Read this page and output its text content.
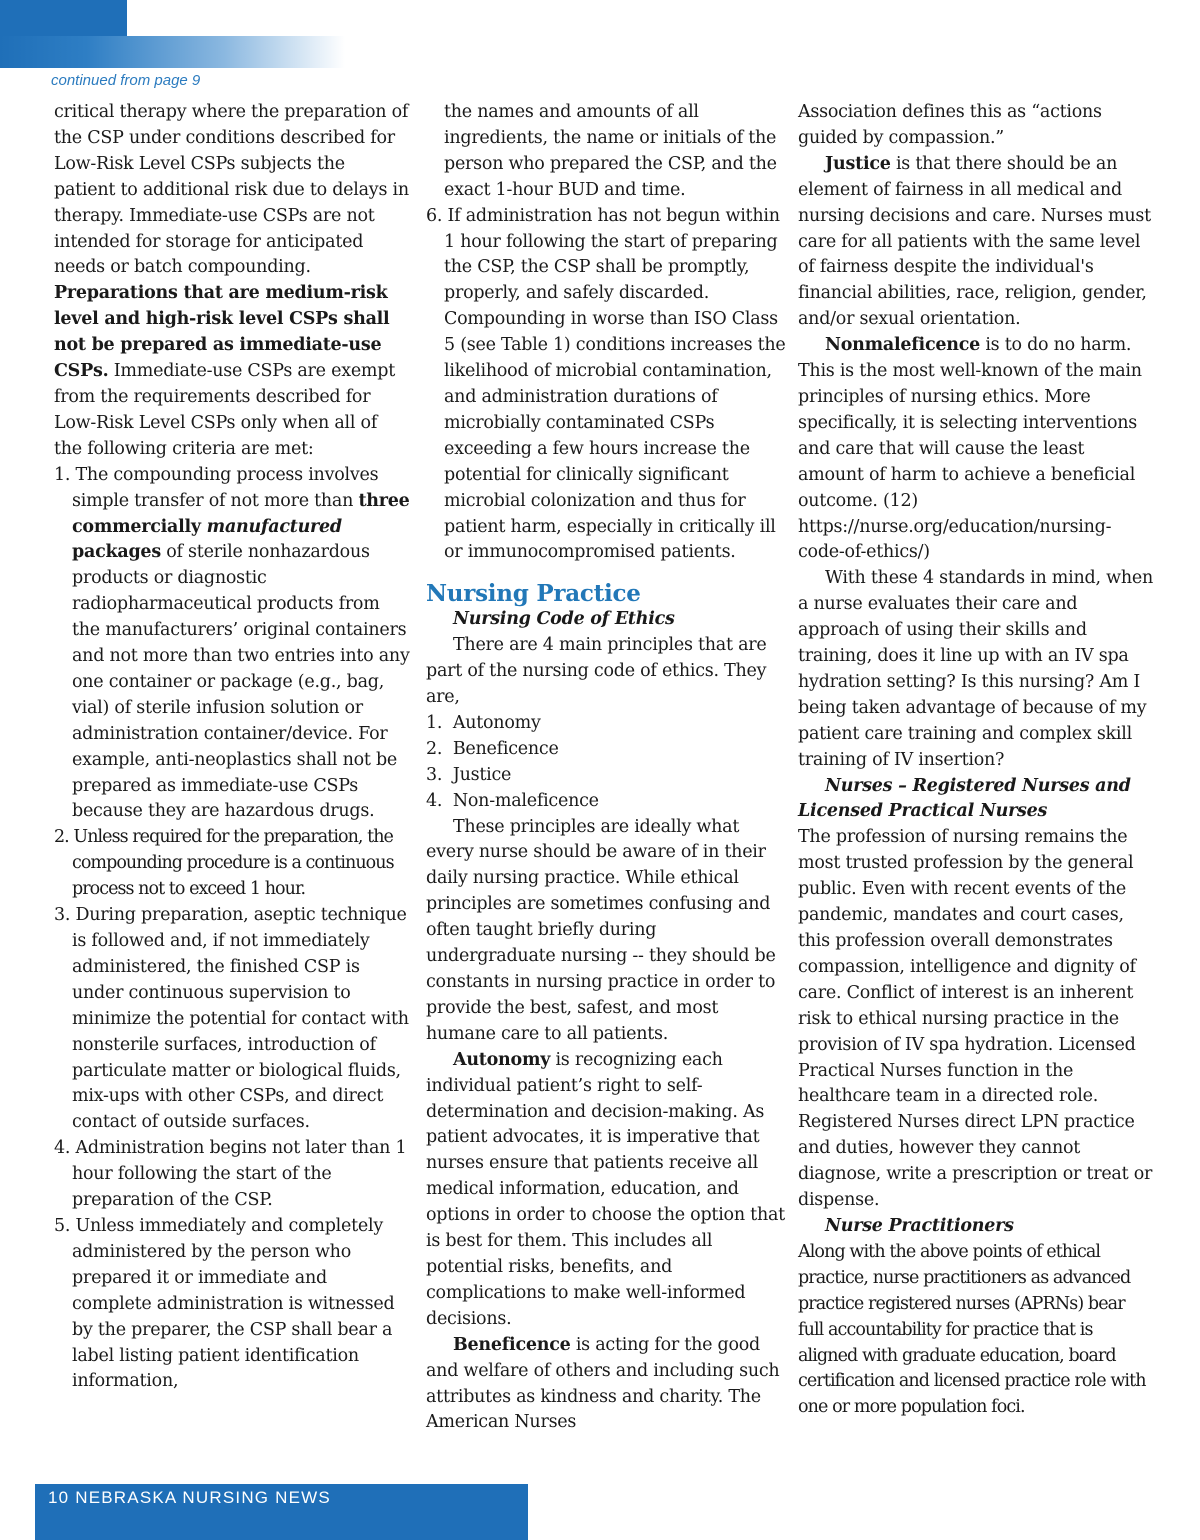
continued from page 9

critical therapy where the preparation of the CSP under conditions described for Low-Risk Level CSPs subjects the patient to additional risk due to delays in therapy. Immediate-use CSPs are not intended for storage for anticipated needs or batch compounding. Preparations that are medium-risk level and high-risk level CSPs shall not be prepared as immediate-use CSPs. Immediate-use CSPs are exempt from the requirements described for Low-Risk Level CSPs only when all of the following criteria are met:

1. The compounding process involves simple transfer of not more than three commercially manufactured
packages of sterile nonhazardous products or diagnostic radiopharmaceutical products from the manufacturers’ original containers and not more than two entries into any one container or package (e.g., bag, vial) of sterile infusion solution or administration container/device. For example, anti-neoplastics shall not be prepared as immediate-use CSPs because they are hazardous drugs.

2. Unless required for the preparation, the compounding procedure is a continuous process not to exceed 1 hour.

3. During preparation, aseptic technique is followed and, if not immediately administered, the finished CSP is under continuous supervision to minimize the potential for contact with nonsterile surfaces, introduction of particulate matter or biological fluids, mix-ups with other CSPs, and direct contact of outside surfaces.

4. Administration begins not later than 1 hour following the start of the preparation of the CSP.

5. Unless immediately and completely administered by the person who prepared it or immediate and complete administration is witnessed by the preparer, the CSP shall bear a label listing patient identification information,

the names and amounts of all ingredients, the name or initials of the person who prepared the CSP, and the exact 1-hour BUD and time.

6. If administration has not begun within 1 hour following the start of preparing the CSP, the CSP shall be promptly, properly, and safely discarded. Compounding in worse than ISO Class 5 (see Table 1) conditions increases the likelihood of microbial contamination, and administration durations of microbially contaminated CSPs exceeding a few hours increase the potential for clinically significant microbial colonization and thus for patient harm, especially in critically ill or immunocompromised patients.

Nursing Practice

Nursing Code of Ethics

There are 4 main principles that are part of the nursing code of ethics. They are,

1.  Autonomy
2.  Beneficence
3.  Justice
4.  Non-maleficence

These principles are ideally what every nurse should be aware of in their daily nursing practice. While ethical principles are sometimes confusing and often taught briefly during undergraduate nursing -- they should be constants in nursing practice in order to provide the best, safest, and most humane care to all patients.

Autonomy is recognizing each individual patient’s right to self-determination and decision-making. As patient advocates, it is imperative that nurses ensure that patients receive all medical information, education, and options in order to choose the option that is best for them. This includes all potential risks, benefits, and complications to make well-informed decisions.

Beneficence is acting for the good and welfare of others and including such attributes as kindness and charity. The American Nurses

Association defines this as “actions guided by compassion.”

Justice is that there should be an element of fairness in all medical and nursing decisions and care. Nurses must care for all patients with the same level of fairness despite the individual's financial abilities, race, religion, gender, and/or sexual orientation.

Nonmaleficence is to do no harm. This is the most well-known of the main principles of nursing ethics. More specifically, it is selecting interventions and care that will cause the least amount of harm to achieve a beneficial outcome. (12) https://nurse.org/education/nursing-code-of-ethics/)

With these 4 standards in mind, when a nurse evaluates their care and approach of using their skills and training, does it line up with an IV spa hydration setting? Is this nursing? Am I being taken advantage of because of my patient care training and complex skill training of IV insertion?

Nurses – Registered Nurses and Licensed Practical Nurses

The profession of nursing remains the most trusted profession by the general public. Even with recent events of the pandemic, mandates and court cases, this profession overall demonstrates compassion, intelligence and dignity of care. Conflict of interest is an inherent risk to ethical nursing practice in the provision of IV spa hydration. Licensed Practical Nurses function in the healthcare team in a directed role. Registered Nurses direct LPN practice and duties, however they cannot diagnose, write a prescription or treat or dispense.

Nurse Practitioners

Along with the above points of ethical practice, nurse practitioners as advanced practice registered nurses (APRNs) bear full accountability for practice that is aligned with graduate education, board certification and licensed practice role with one or more population foci.

10 NEBRASKA NURSING NEWS
